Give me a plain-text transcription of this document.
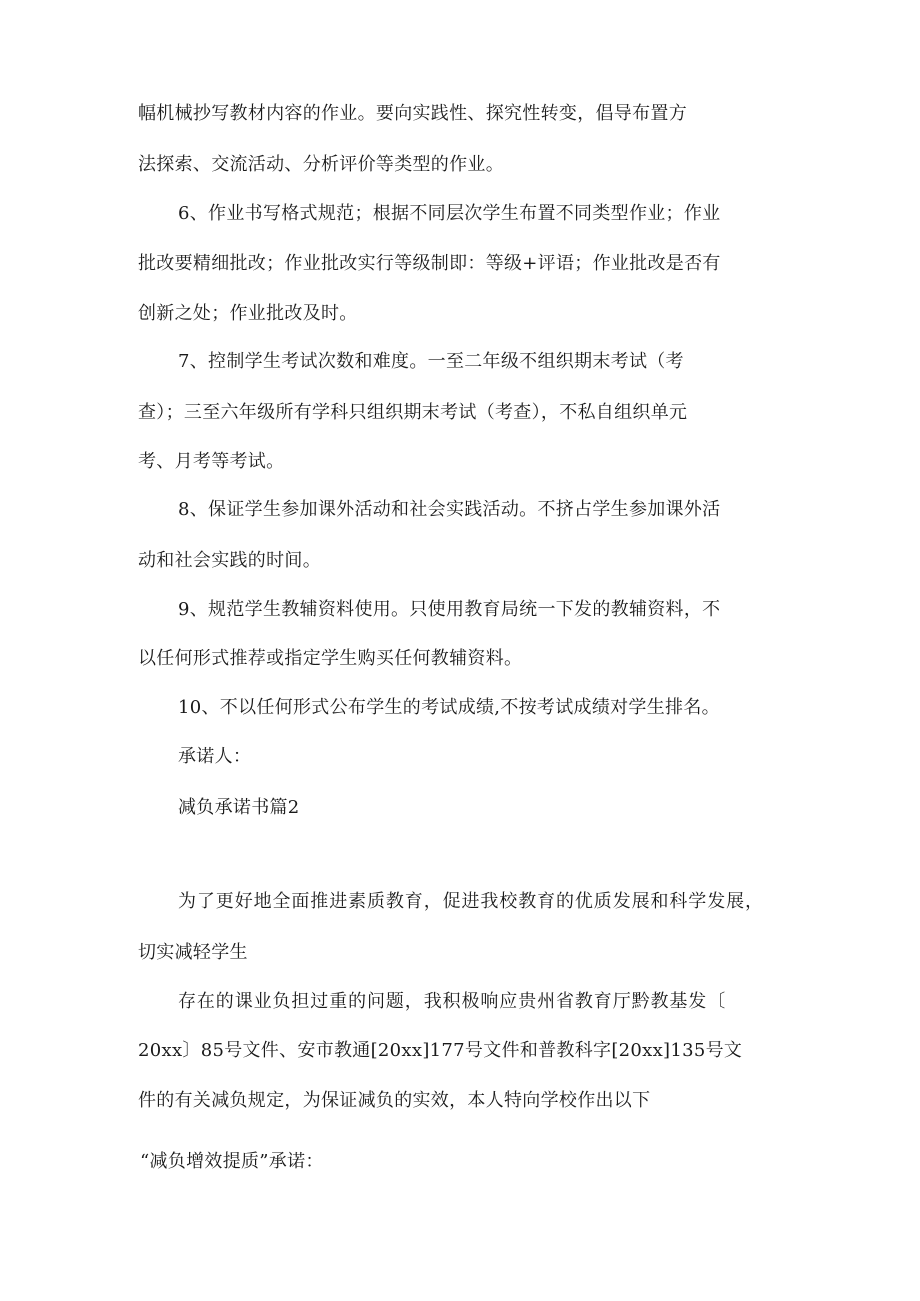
幅机械抄写教材内容的作业。要向实践性、探究性转变，倡导布置方
法探索、交流活动、分析评价等类型的作业。
6、作业书写格式规范；根据不同层次学生布置不同类型作业；作业
批改要精细批改；作业批改实行等级制即：等级+评语；作业批改是否有
创新之处；作业批改及时。
7、控制学生考试次数和难度。一至二年级不组织期末考试（考
查）；三至六年级所有学科只组织期末考试（考查），不私自组织单元
考、月考等考试。
8、保证学生参加课外活动和社会实践活动。不挤占学生参加课外活
动和社会实践的时间。
9、规范学生教辅资料使用。只使用教育局统一下发的教辅资料，不
以任何形式推荐或指定学生购买任何教辅资料。
10、不以任何形式公布学生的考试成绩,不按考试成绩对学生排名。
承诺人：
减负承诺书篇2
为了更好地全面推进素质教育，促进我校教育的优质发展和科学发展，
切实减轻学生
存在的课业负担过重的问题，我积极响应贵州省教育厅黔教基发〔
20xx〕85号文件、安市教通[20xx]177号文件和普教科字[20xx]135号文
件的有关减负规定，为保证减负的实效，本人特向学校作出以下
“减负增效提质”承诺：
